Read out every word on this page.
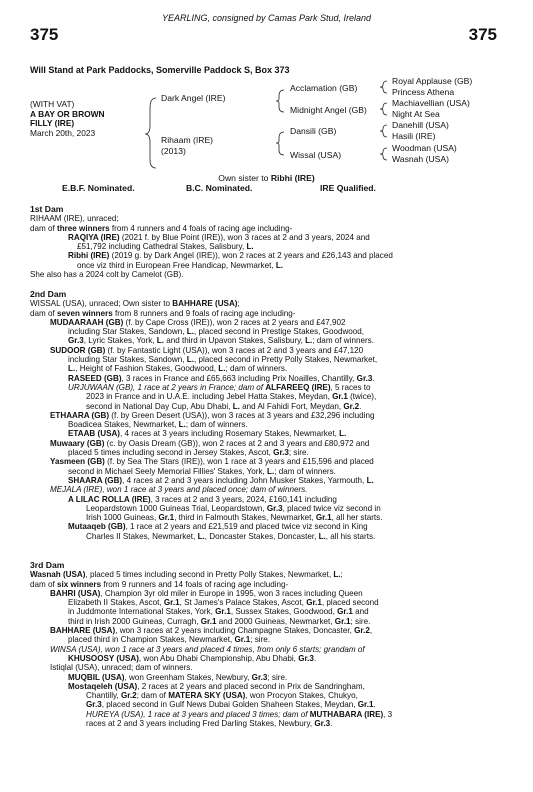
YEARLING, consigned by Camas Park Stud, Ireland
375	375
Will Stand at Park Paddocks, Somerville Paddock S, Box 373
(WITH VAT)
A BAY OR BROWN
FILLY (IRE)
March 20th, 2023
Dark Angel (IRE)
Rihaam (IRE)
(2013)
Acclamation (GB)
Midnight Angel (GB)
Dansili (GB)
Wissal (USA)
Royal Applause (GB)
Princess Athena
Machiavellian (USA)
Night At Sea
Danehill (USA)
Hasili (IRE)
Woodman (USA)
Wasnah (USA)
Own sister to Ribhi (IRE)
E.B.F. Nominated.	B.C. Nominated.	IRE Qualified.
1st Dam
RIHAAM (IRE), unraced;
dam of three winners from 4 runners and 4 foals of racing age including-
RAQIYA (IRE) (2021 f. by Blue Point (IRE)), won 3 races at 2 and 3 years, 2024 and
£51,792 including Cathedral Stakes, Salisbury, L.
Ribhi (IRE) (2019 g. by Dark Angel (IRE)), won 2 races at 2 years and £26,143 and placed
once viz third in European Free Handicap, Newmarket, L.
She also has a 2024 colt by Camelot (GB).
2nd Dam
WISSAL (USA), unraced; Own sister to BAHHARE (USA);
dam of seven winners from 8 runners and 9 foals of racing age including-
MUDAARAAH (GB) (f. by Cape Cross (IRE)), won 2 races at 2 years and £47,902
including Star Stakes, Sandown, L., placed second in Prestige Stakes, Goodwood,
Gr.3, Lyric Stakes, York, L. and third in Upavon Stakes, Salisbury, L.; dam of winners.
SUDOOR (GB) (f. by Fantastic Light (USA)), won 3 races at 2 and 3 years and £47,120
including Star Stakes, Sandown, L., placed second in Pretty Polly Stakes, Newmarket,
L., Height of Fashion Stakes, Goodwood, L.; dam of winners.
RASEED (GB), 3 races in France and £65,663 including Prix Noailles, Chantilly, Gr.3.
URJUWAAN (GB), 1 race at 2 years in France; dam of ALFAREEQ (IRE), 5 races to
2023 in France and in U.A.E. including Jebel Hatta Stakes, Meydan, Gr.1 (twice),
second in National Day Cup, Abu Dhabi, L. and Al Fahidi Fort, Meydan, Gr.2.
ETHAARA (GB) (f. by Green Desert (USA)), won 3 races at 3 years and £32,296 including
Boadicea Stakes, Newmarket, L.; dam of winners.
ETAAB (USA), 4 races at 3 years including Rosemary Stakes, Newmarket, L.
Muwaary (GB) (c. by Oasis Dream (GB)), won 2 races at 2 and 3 years and £80,972 and
placed 5 times including second in Jersey Stakes, Ascot, Gr.3; sire.
Yasmeen (GB) (f. by Sea The Stars (IRE)), won 1 race at 3 years and £15,596 and placed
second in Michael Seely Memorial Fillies' Stakes, York, L.; dam of winners.
SHAARA (GB), 4 races at 2 and 3 years including John Musker Stakes, Yarmouth, L.
MEJALA (IRE), won 1 race at 3 years and placed once; dam of winners.
A LILAC ROLLA (IRE), 3 races at 2 and 3 years, 2024, £160,141 including
Leopardstown 1000 Guineas Trial, Leopardstown, Gr.3, placed twice viz second in
Irish 1000 Guineas, Gr.1, third in Falmouth Stakes, Newmarket, Gr.1, all her starts.
Mutaaqeb (GB), 1 race at 2 years and £21,519 and placed twice viz second in King
Charles II Stakes, Newmarket, L., Doncaster Stakes, Doncaster, L., all his starts.
3rd Dam
Wasnah (USA), placed 5 times including second in Pretty Polly Stakes, Newmarket, L.;
dam of six winners from 9 runners and 14 foals of racing age including-
BAHRI (USA), Champion 3yr old miler in Europe in 1995, won 3 races including Queen
Elizabeth II Stakes, Ascot, Gr.1, St James's Palace Stakes, Ascot, Gr.1, placed second
in Juddmonte International Stakes, York, Gr.1, Sussex Stakes, Goodwood, Gr.1 and
third in Irish 2000 Guineas, Curragh, Gr.1 and 2000 Guineas, Newmarket, Gr.1; sire.
BAHHARE (USA), won 3 races at 2 years including Champagne Stakes, Doncaster, Gr.2,
placed third in Champion Stakes, Newmarket, Gr.1; sire.
WINSA (USA), won 1 race at 3 years and placed 4 times, from only 6 starts; grandam of
KHUSOOSY (USA), won Abu Dhabi Championship, Abu Dhabi, Gr.3.
Istiqlal (USA), unraced; dam of winners.
MUQBIL (USA), won Greenham Stakes, Newbury, Gr.3; sire.
Mostaqeleh (USA), 2 races at 2 years and placed second in Prix de Sandringham,
Chantilly, Gr.2; dam of MATERA SKY (USA), won Procyon Stakes, Chukyo,
Gr.3, placed second in Gulf News Dubai Golden Shaheen Stakes, Meydan, Gr.1.
HUREYA (USA), 1 race at 3 years and placed 3 times; dam of MUTHABARA (IRE), 3
races at 2 and 3 years including Fred Darling Stakes, Newbury, Gr.3.
